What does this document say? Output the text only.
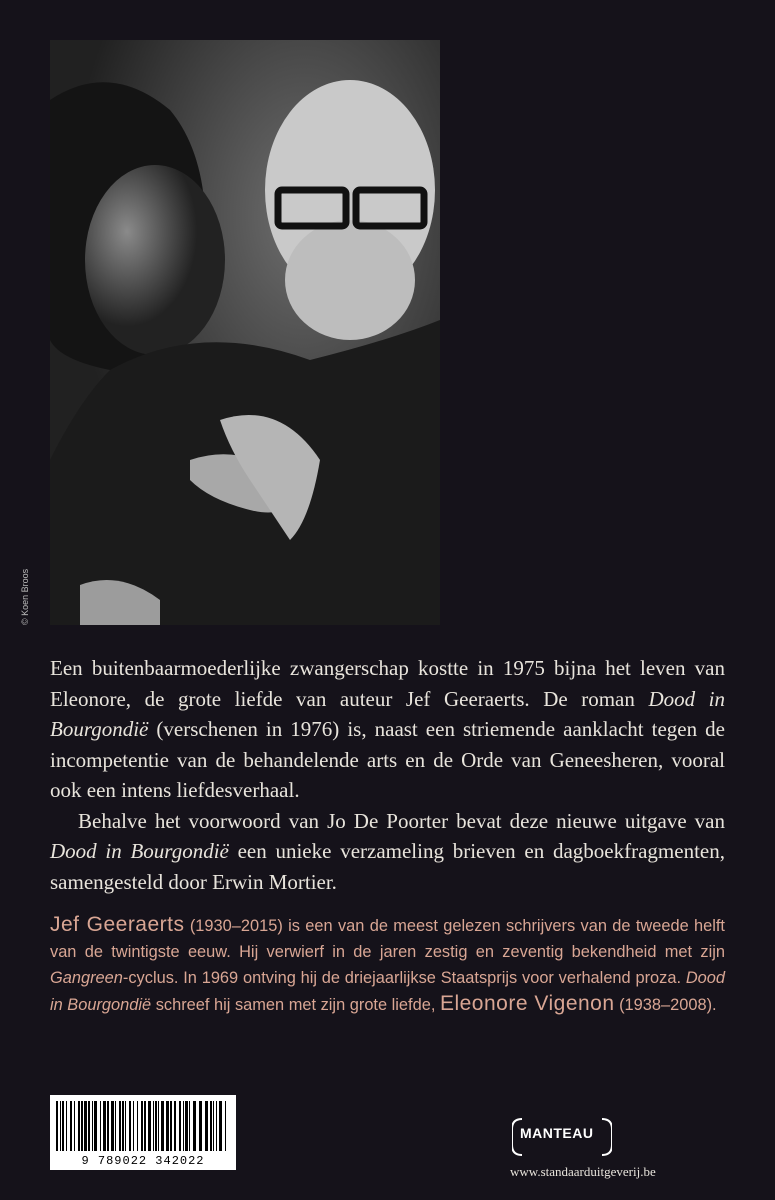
© Koen Broos

Een buitenbaarmoederlijke zwangerschap kostte in 1975 bijna het leven van Eleonore, de grote liefde van auteur Jef Geeraerts. De roman Dood in Bourgondië (verschenen in 1976) is, naast een striemende aanklacht tegen de incompetentie van de behandelende arts en de Orde van Geneesheren, vooral ook een intens liefdesverhaal.

Behalve het voorwoord van Jo De Poorter bevat deze nieuwe uitgave van Dood in Bourgondië een unieke verzameling brieven en dagboekfragmenten, samengesteld door Erwin Mortier.

Jef Geeraerts (1930–2015) is een van de meest gelezen schrijvers van de tweede helft van de twintigste eeuw. Hij verwierf in de jaren zestig en zeventig bekendheid met zijn Gangreen-cyclus. In 1969 ontving hij de driejaarlijkse Staatsprijs voor verhalend proza. Dood in Bourgondië schreef hij samen met zijn grote liefde, Eleonore Vigenon (1938–2008).
9 789022 342022
MANTEAU
www.standaarduitgeverij.be
